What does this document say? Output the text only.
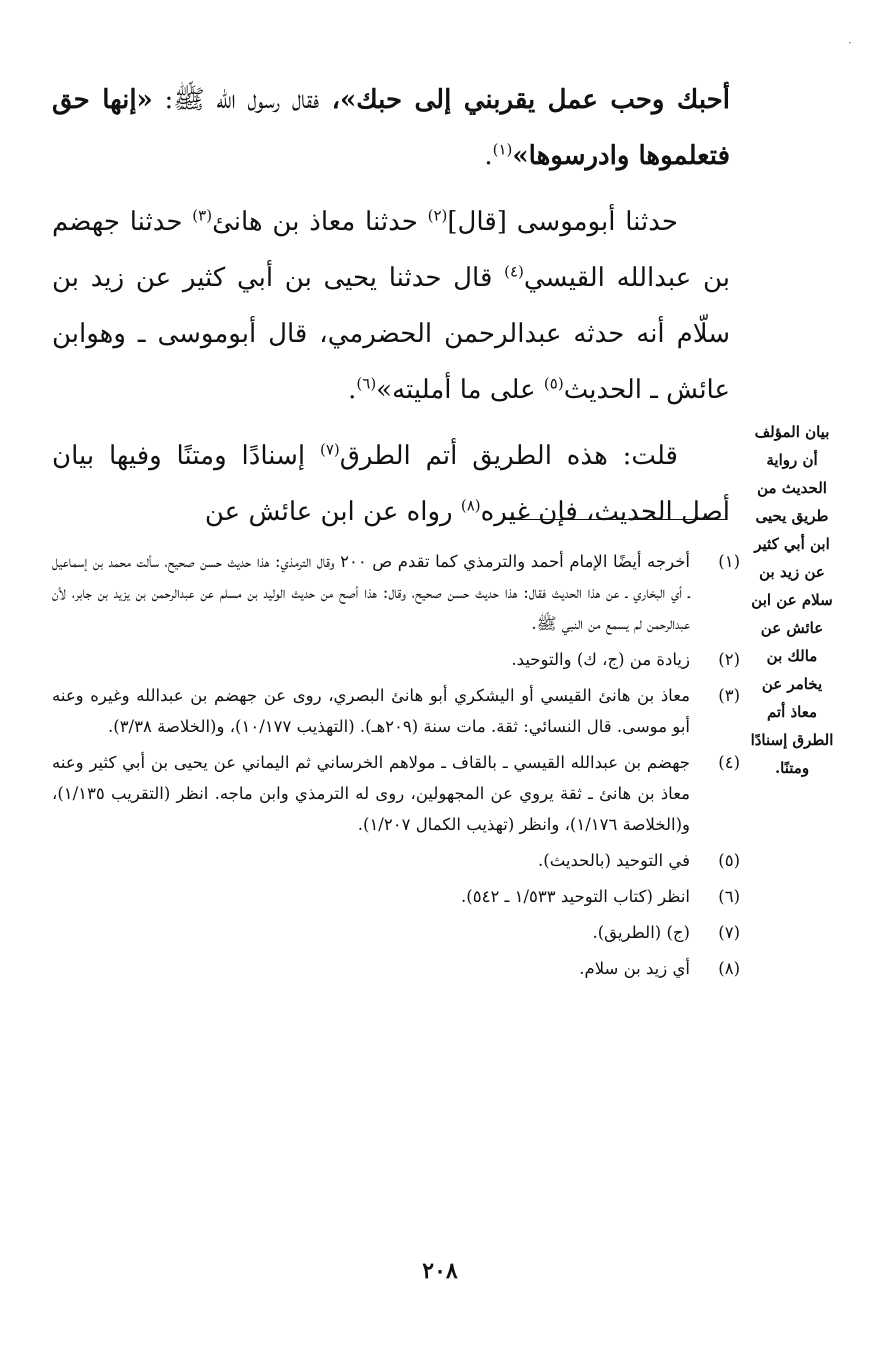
·

أحبك وحب عمل يقربني إلى حبك»، فقال رسول الله ﷺ: «إنها حق فتعلموها وادرسوها»$^{(١)}$.

  حدثنا أبوموسى [قال]$^{(٢)}$ حدثنا معاذ بن هانئ$^{(٣)}$ حدثنا جهضم بن عبدالله القيسي$^{(٤)}$ قال حدثنا يحيى بن أبي كثير عن زيد بن سلّام أنه حدثه عبدالرحمن الحضرمي، قال أبوموسى ـ وهوابن عائش ـ الحديث$^{(٥)}$ على ما أمليته»$^{(٦)}$.

  قلت: هذه الطريق أتم الطرق$^{(٧)}$ إسنادًا ومتنًا وفيها بيان أصل الحديث، فإن غيره$^{(٨)}$ رواه عن ابن عائش عن

بيان المؤلف أن رواية الحديث من طريق يحيى ابن أبي كثير عن زيد بن سلام عن ابن عائش عن مالك بن يخامر عن معاذ أتم الطرق إسنادًا ومتنًا.
(١)
أخرجه أيضًا الإمام أحمد والترمذي كما تقدم ص ٢٠٠ وقال الترمذي: هذا حديث حسن صحيح، سألت محمد بن إسماعيل ـ أي البخاري ـ عن هذا الحديث فقال: هذا حديث حسن صحيح، وقال: هذا أصح من حديث الوليد بن مسلم عن عبدالرحمن بن يزيد بن جابر، لأن عبدالرحمن لم يسمع من النبي ﷺ.
(٢)
زيادة من (ج، ك) والتوحيد.
(٣)
معاذ بن هانئ القيسي أو اليشكري أبو هانئ البصري، روى عن جهضم بن عبدالله وغيره وعنه أبو موسى. قال النسائي: ثقة. مات سنة (٢٠٩هـ). (التهذيب ١٠/١٧٧)، و(الخلاصة ٣/٣٨).
(٤)
جهضم بن عبدالله القيسي ـ بالقاف ـ مولاهم الخرساني ثم اليماني عن يحيى بن أبي كثير وعنه معاذ بن هانئ ـ ثقة يروي عن المجهولين، روى له الترمذي وابن ماجه. انظر (التقريب ١/١٣٥)، و(الخلاصة ١/١٧٦)، وانظر (تهذيب الكمال ١/٢٠٧).
(٥)
في التوحيد (بالحديث).
(٦)
انظر (كتاب التوحيد ١/٥٣٣ ـ ٥٤٢).
(٧)
(ج) (الطريق).
(٨)
أي زيد بن سلام.
٢٠٨
